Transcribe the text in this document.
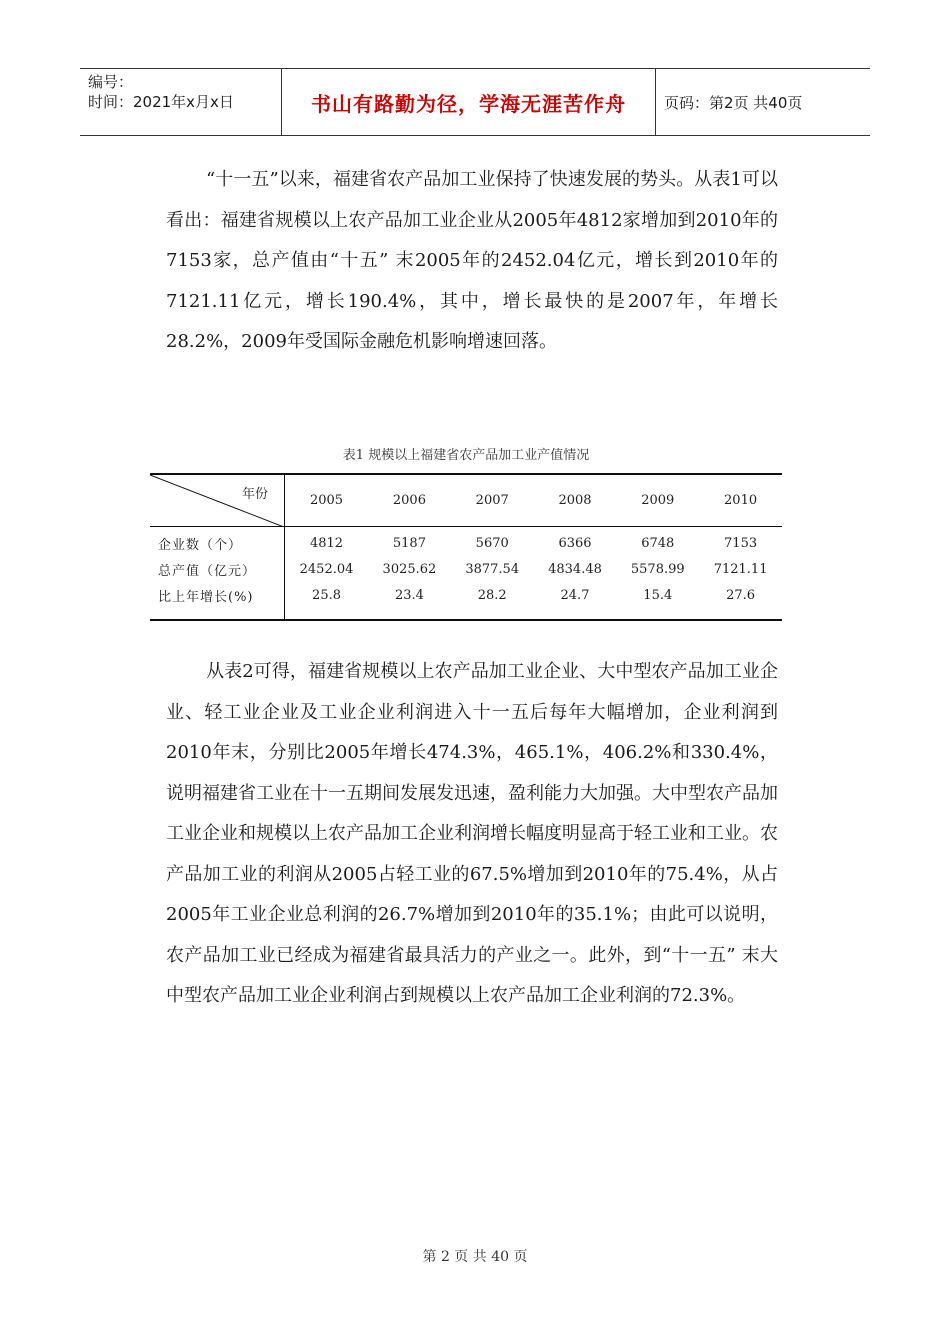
编号：
时间：2021年x月x日	书山有路勤为径，学海无涯苦作舟	页码：第2页 共40页

“十一五”以来，福建省农产品加工业保持了快速发展的势头。从表1可以看出：福建省规模以上农产品加工业企业从2005年4812家增加到2010年的7153家，总产值由“十五” 末2005年的2452.04亿元，增长到2010年的7121.11亿元，增长190.4%，其中，增长最快的是2007年，年增长28.2%，2009年受国际金融危机影响增速回落。

表1 规模以上福建省农产品加工业产值情况
年份	2005	2006	2007	2008	2009	2010
企业数（个）	4812	5187	5670	6366	6748	7153
总产值（亿元）	2452.04	3025.62	3877.54	4834.48	5578.99	7121.11
比上年增长(%)	25.8	23.4	28.2	24.7	15.4	27.6

从表2可得，福建省规模以上农产品加工业企业、大中型农产品加工业企业、轻工业企业及工业企业利润进入十一五后每年大幅增加，企业利润到2010年末，分别比2005年增长474.3%，465.1%，406.2%和330.4%，说明福建省工业在十一五期间发展发迅速，盈利能力大加强。大中型农产品加工业企业和规模以上农产品加工企业利润增长幅度明显高于轻工业和工业。农产品加工业的利润从2005占轻工业的67.5%增加到2010年的75.4%，从占2005年工业企业总利润的26.7%增加到2010年的35.1%；由此可以说明，农产品加工业已经成为福建省最具活力的产业之一。此外，到“十一五” 末大中型农产品加工业企业利润占到规模以上农产品加工企业利润的72.3%。

第 2 页 共 40 页
